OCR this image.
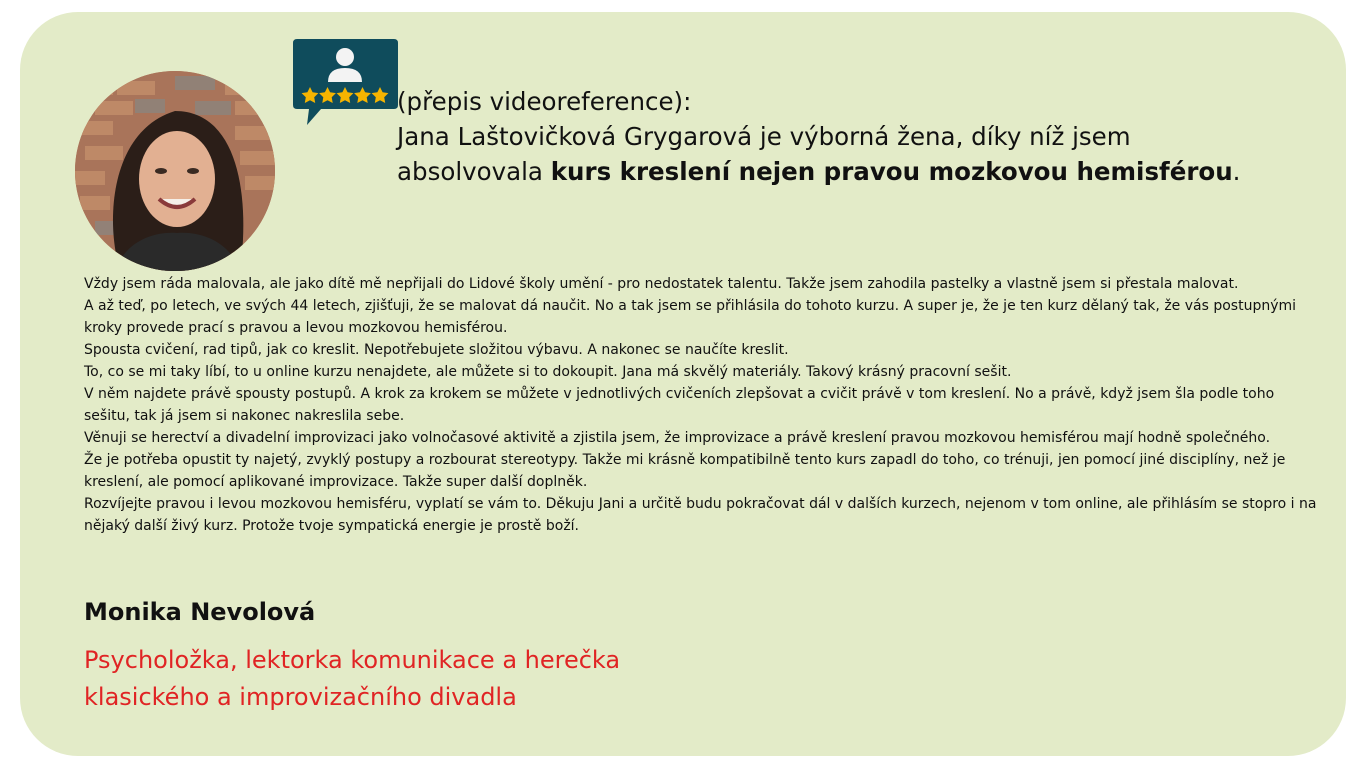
(přepis videoreference):
Jana Laštovičková Grygarová je výborná žena, díky níž jsem
absolvovala kurs kreslení nejen pravou mozkovou hemisférou.

Vždy jsem ráda malovala, ale jako dítě mě nepřijali do Lidové školy umění - pro nedostatek talentu. Takže jsem zahodila pastelky a vlastně jsem si přestala malovat.

A až teď, po letech, ve svých 44 letech, zjišťuji, že se malovat dá naučit. No a tak jsem se přihlásila do tohoto kurzu. A super je, že je ten kurz dělaný tak, že vás postupnými kroky provede prací s pravou a levou mozkovou hemisférou.

Spousta cvičení, rad tipů, jak co kreslit. Nepotřebujete složitou výbavu. A nakonec se naučíte kreslit.

To, co se mi taky líbí, to u online kurzu nenajdete, ale můžete si to dokoupit. Jana má skvělý materiály. Takový krásný pracovní sešit.

V něm najdete právě spousty postupů. A krok za krokem se můžete v jednotlivých cvičeních zlepšovat a cvičit právě v tom kreslení. No a právě, když jsem šla podle toho sešitu, tak já jsem si nakonec nakreslila sebe.

Věnuji se herectví a divadelní improvizaci jako volnočasové aktivitě a zjistila jsem, že improvizace a právě kreslení pravou mozkovou hemisférou mají hodně společného.

Že je potřeba opustit ty najetý, zvyklý postupy a rozbourat stereotypy. Takže mi krásně kompatibilně tento kurs zapadl do toho, co trénuji, jen pomocí jiné disciplíny, než je kreslení, ale pomocí aplikované improvizace. Takže super další doplněk.

Rozvíjejte pravou i levou mozkovou hemisféru, vyplatí se vám to. Děkuju Jani a určitě budu pokračovat dál v dalších kurzech, nejenom v tom online, ale přihlásím se stopro i na nějaký další živý kurz. Protože tvoje sympatická energie je prostě boží.

Monika Nevolová
Psycholožka, lektorka komunikace a herečka
klasického a improvizačního divadla
